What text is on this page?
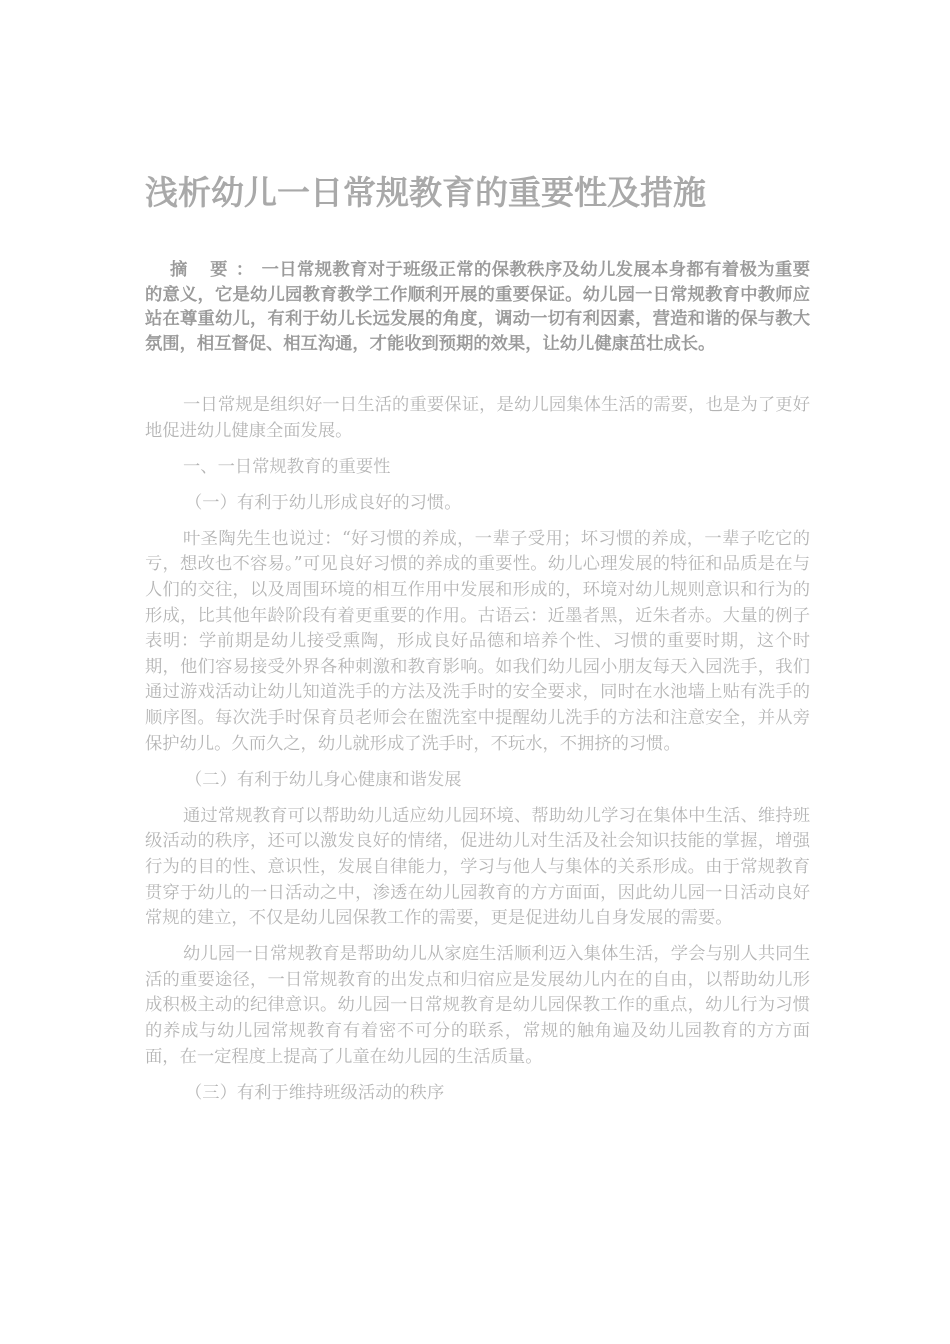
浅析幼儿一日常规教育的重要性及措施
摘 要：一日常规教育对于班级正常的保教秩序及幼儿发展本身都有着极为重要的意义，它是幼儿园教育教学工作顺利开展的重要保证。幼儿园一日常规教育中教师应站在尊重幼儿，有利于幼儿长远发展的角度，调动一切有利因素，营造和谐的保与教大氛围，相互督促、相互沟通，才能收到预期的效果，让幼儿健康茁壮成长。

一日常规是组织好一日生活的重要保证，是幼儿园集体生活的需要，也是为了更好地促进幼儿健康全面发展。

一、一日常规教育的重要性

（一）有利于幼儿形成良好的习惯。

叶圣陶先生也说过：“好习惯的养成，一辈子受用；坏习惯的养成，一辈子吃它的亏，想改也不容易。”可见良好习惯的养成的重要性。幼儿心理发展的特征和品质是在与人们的交往，以及周围环境的相互作用中发展和形成的，环境对幼儿规则意识和行为的形成，比其他年龄阶段有着更重要的作用。古语云：近墨者黑，近朱者赤。大量的例子表明：学前期是幼儿接受熏陶，形成良好品德和培养个性、习惯的重要时期，这个时期，他们容易接受外界各种刺激和教育影响。如我们幼儿园小朋友每天入园洗手，我们通过游戏活动让幼儿知道洗手的方法及洗手时的安全要求，同时在水池墙上贴有洗手的顺序图。每次洗手时保育员老师会在盥洗室中提醒幼儿洗手的方法和注意安全，并从旁保护幼儿。久而久之，幼儿就形成了洗手时，不玩水，不拥挤的习惯。

（二）有利于幼儿身心健康和谐发展

通过常规教育可以帮助幼儿适应幼儿园环境、帮助幼儿学习在集体中生活、维持班级活动的秩序，还可以激发良好的情绪，促进幼儿对生活及社会知识技能的掌握，增强行为的目的性、意识性，发展自律能力，学习与他人与集体的关系形成。由于常规教育贯穿于幼儿的一日活动之中，渗透在幼儿园教育的方方面面，因此幼儿园一日活动良好常规的建立，不仅是幼儿园保教工作的需要，更是促进幼儿自身发展的需要。

幼儿园一日常规教育是帮助幼儿从家庭生活顺利迈入集体生活，学会与别人共同生活的重要途径，一日常规教育的出发点和归宿应是发展幼儿内在的自由，以帮助幼儿形成积极主动的纪律意识。幼儿园一日常规教育是幼儿园保教工作的重点，幼儿行为习惯的养成与幼儿园常规教育有着密不可分的联系，常规的触角遍及幼儿园教育的方方面面，在一定程度上提高了儿童在幼儿园的生活质量。

（三）有利于维持班级活动的秩序
